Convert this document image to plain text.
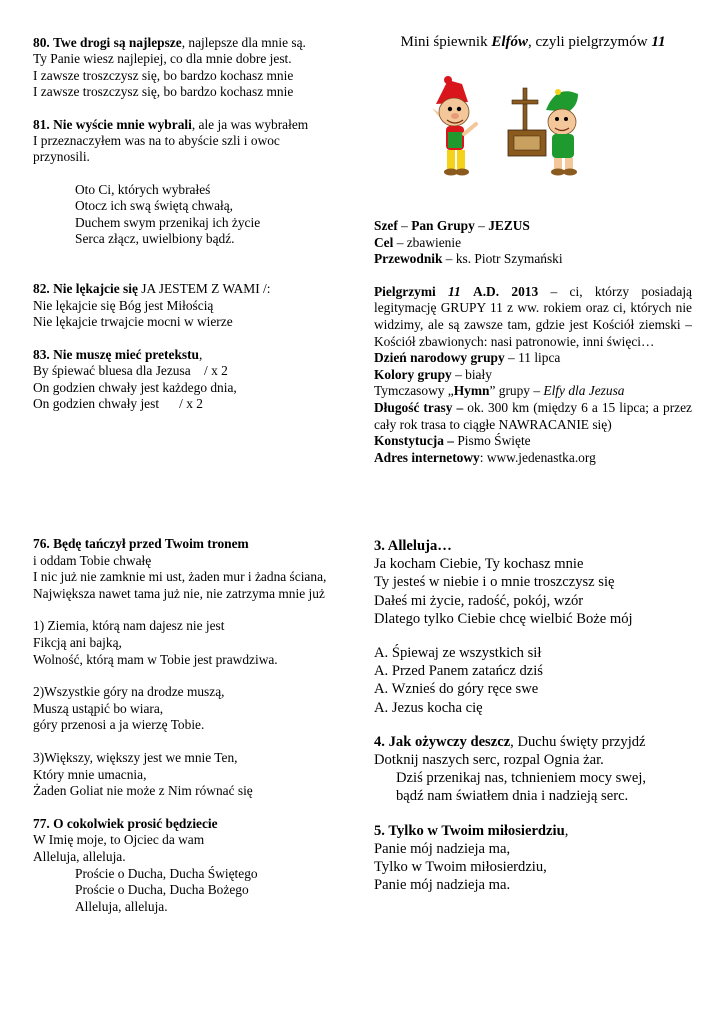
80. Twe drogi są najlepsze, najlepsze dla mnie są.

Ty Panie wiesz najlepiej, co dla mnie dobre jest.

I zawsze troszczysz się, bo bardzo kochasz mnie

I zawsze troszczysz się, bo bardzo kochasz mnie

81. Nie wyście mnie wybrali, ale ja was wybrałem

I przeznaczyłem was na to abyście szli i owoc

przynosili.

Oto Ci, których wybrałeś

Otocz ich swą świętą chwałą,

Duchem swym przenikaj ich życie

Serca złącz, uwielbiony bądź.

82. Nie lękajcie się JA JESTEM Z WAMI /:

Nie lękajcie się Bóg jest Miłością

Nie lękajcie trwajcie mocni w wierze

83. Nie muszę mieć pretekstu,

By śpiewać bluesa dla Jezusa    / x 2

On godzien chwały jest każdego dnia,

On godzien chwały jest      / x 2

Mini śpiewnik Elfów, czyli pielgrzymów 11

Szef – Pan Grupy – JEZUS

Cel – zbawienie

Przewodnik – ks. Piotr Szymański

Pielgrzymi 11 A.D. 2013 – ci, którzy posiadają legitymację GRUPY 11 z ww. rokiem oraz ci, których nie widzimy, ale są zawsze tam, gdzie jest Kościół ziemski – Kościół zbawionych: nasi patronowie, inni święci…

Dzień narodowy grupy – 11 lipca

Kolory grupy – biały

Tymczasowy „Hymn” grupy – Elfy dla Jezusa

Długość trasy – ok. 300 km (między 6 a 15 lipca; a przez cały rok trasa to ciągłe NAWRACANIE się)

Konstytucja – Pismo Święte

Adres internetowy: www.jedenastka.org

76. Będę tańczył przed Twoim tronem

i oddam Tobie chwałę

I nic już nie zamknie mi ust, żaden mur i żadna ściana,

Największa nawet tama już nie, nie zatrzyma mnie już

1) Ziemia, którą nam dajesz nie jest

Fikcją ani bajką,

Wolność, którą mam w Tobie jest prawdziwa.

2)Wszystkie góry na drodze muszą,

Muszą ustąpić bo wiara,

góry przenosi a ja wierzę Tobie.

3)Większy, większy jest we mnie Ten,

Który mnie umacnia,

Żaden Goliat nie może z Nim równać się

77. O cokolwiek prosić będziecie

W Imię moje, to Ojciec da wam

Alleluja, alleluja.

Proście o Ducha, Ducha Świętego

Proście o Ducha, Ducha Bożego

Alleluja, alleluja.

3. Alleluja…

Ja kocham Ciebie, Ty kochasz mnie

Ty jesteś w niebie i o mnie troszczysz się

Dałeś mi życie, radość, pokój, wzór

Dlatego tylko Ciebie chcę wielbić Boże mój

A. Śpiewaj ze wszystkich sił

A. Przed Panem zatańcz dziś

A. Wznieś do góry ręce swe

A. Jezus kocha cię

4. Jak ożywczy deszcz, Duchu święty przyjdź

Dotknij naszych serc, rozpal Ognia żar.

Dziś przenikaj nas, tchnieniem mocy swej,

bądź nam światłem dnia i nadzieją serc.

5. Tylko w Twoim miłosierdziu,

Panie mój nadzieja ma,

Tylko w Twoim miłosierdziu,

Panie mój nadzieja ma.
